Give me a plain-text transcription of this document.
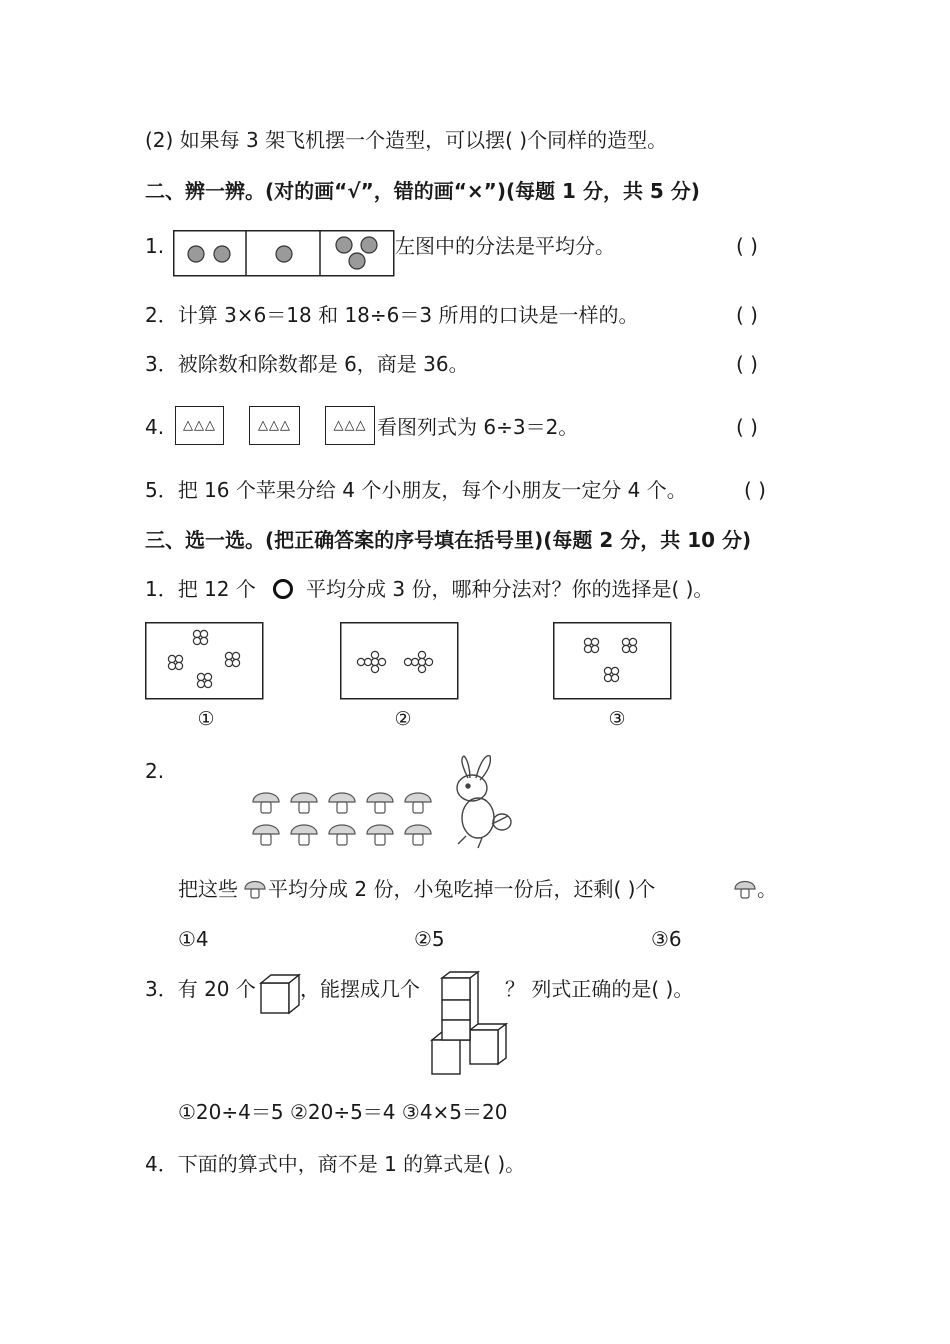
(2) 如果每 3 架飞机摆一个造型，可以摆( )个同样的造型。
二、辨一辨。(对的画“√”，错的画“×”)(每题 1 分，共 5 分)
1.	左图中的分法是平均分。	( )
2．计算 3×6＝18 和 18÷6＝3 所用的口诀是一样的。	( )
3．被除数和除数都是 6，商是 36。	( )
4.	△△△	△△△	△△△ 看图列式为 6÷3＝2。	( )
5．把 16 个苹果分给 4 个小朋友，每个小朋友一定分 4 个。	( )
三、选一选。(把正确答案的序号填在括号里)(每题 2 分，共 10 分)
1．把 12 个	平均分成 3 份，哪种分法对？你的选择是( )。
①	②	③
2.
把这些 平均分成 2 份，小兔吃掉一份后，还剩( )个	。
①4	②5	③6
3．有 20 个 ，能摆成几个	？ 列式正确的是( )。
①20÷4＝5 ②20÷5＝4 ③4×5＝20
4．下面的算式中，商不是 1 的算式是( )。
